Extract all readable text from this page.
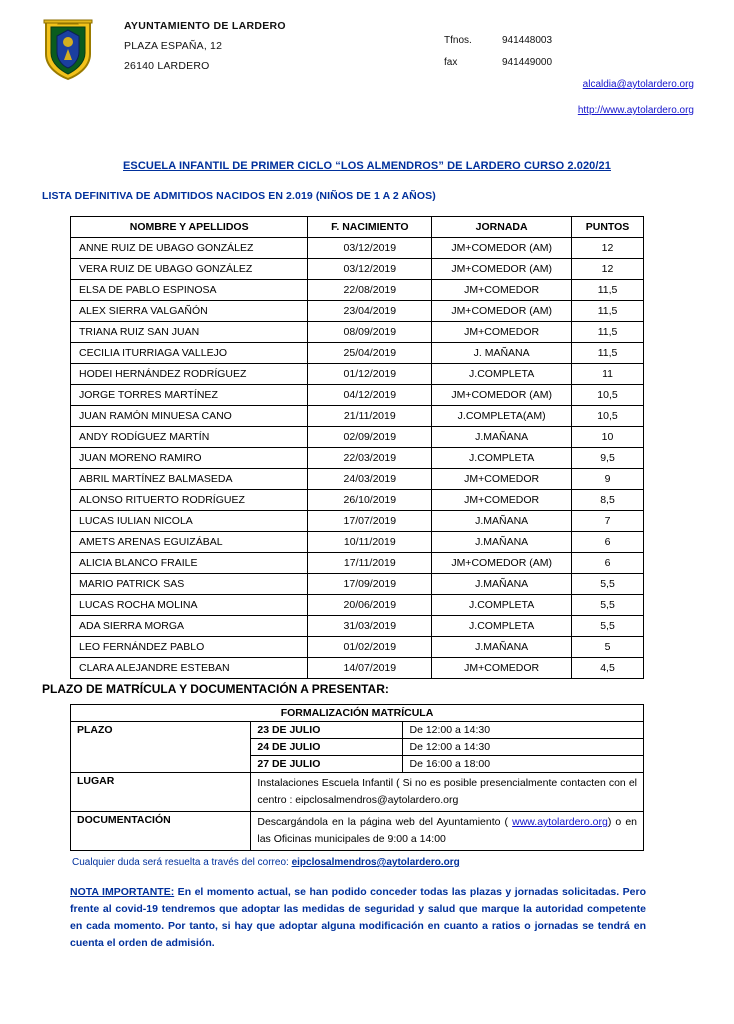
AYUNTAMIENTO DE LARDERO
PLAZA ESPAÑA, 12
26140 LARDERO
Tfnos.	941448003
fax	941449000
alcaldia@aytolardero.org
http://www.aytolardero.org
ESCUELA INFANTIL DE PRIMER CICLO “LOS ALMENDROS” DE LARDERO CURSO 2.020/21
LISTA DEFINITIVA DE ADMITIDOS NACIDOS EN 2.019 (NIÑOS DE 1 A 2 AÑOS)
NOMBRE Y APELLIDOS	F. NACIMIENTO	JORNADA	PUNTOS
ANNE RUIZ DE UBAGO GONZÁLEZ	03/12/2019	JM+COMEDOR (AM)	12
VERA RUIZ DE UBAGO GONZÁLEZ	03/12/2019	JM+COMEDOR (AM)	12
ELSA DE PABLO ESPINOSA	22/08/2019	JM+COMEDOR	11,5
ALEX SIERRA VALGAÑÓN	23/04/2019	JM+COMEDOR (AM)	11,5
TRIANA RUIZ SAN JUAN	08/09/2019	JM+COMEDOR	11,5
CECILIA ITURRIAGA VALLEJO	25/04/2019	J. MAÑANA	11,5
HODEI HERNÁNDEZ RODRÍGUEZ	01/12/2019	J.COMPLETA	11
JORGE TORRES MARTÍNEZ	04/12/2019	JM+COMEDOR (AM)	10,5
JUAN RAMÓN MINUESA CANO	21/11/2019	J.COMPLETA(AM)	10,5
ANDY RODÍGUEZ MARTÍN	02/09/2019	J.MAÑANA	10
JUAN MORENO RAMIRO	22/03/2019	J.COMPLETA	9,5
ABRIL MARTÍNEZ BALMASEDA	24/03/2019	JM+COMEDOR	9
ALONSO RITUERTO RODRÍGUEZ	26/10/2019	JM+COMEDOR	8,5
LUCAS IULIAN NICOLA	17/07/2019	J.MAÑANA	7
AMETS ARENAS EGUIZÁBAL	10/11/2019	J.MAÑANA	6
ALICIA BLANCO FRAILE	17/11/2019	JM+COMEDOR (AM)	6
MARIO PATRICK SAS	17/09/2019	J.MAÑANA	5,5
LUCAS ROCHA MOLINA	20/06/2019	J.COMPLETA	5,5
ADA SIERRA MORGA	31/03/2019	J.COMPLETA	5,5
LEO FERNÁNDEZ PABLO	01/02/2019	J.MAÑANA	5
CLARA ALEJANDRE ESTEBAN	14/07/2019	JM+COMEDOR	4,5
PLAZO DE MATRÍCULA Y DOCUMENTACIÓN A PRESENTAR:
FORMALIZACIÓN MATRÍCULA		
PLAZO	23 DE JULIO	De 12:00 a 14:30
	24 DE JULIO	De 12:00 a 14:30
	27 DE JULIO	De 16:00 a 18:00
LUGAR	Instalaciones Escuela Infantil ( Si no es posible presencialmente contacten con el centro : eipclosalmendros@aytolardero.org	
DOCUMENTACIÓN	Descargándola en la página web del Ayuntamiento ( www.aytolardero.org) o en las Oficinas municipales de 9:00 a 14:00	
Cualquier duda será resuelta a través del correo: eipclosalmendros@aytolardero.org
NOTA IMPORTANTE: En el momento actual, se han podido conceder todas las plazas y jornadas solicitadas. Pero frente al covid-19 tendremos que adoptar las medidas de seguridad y salud que marque la autoridad competente en cada momento. Por tanto, si hay que adoptar alguna modificación en cuanto a ratios o jornadas se tendrá en cuenta el orden de admisión.
